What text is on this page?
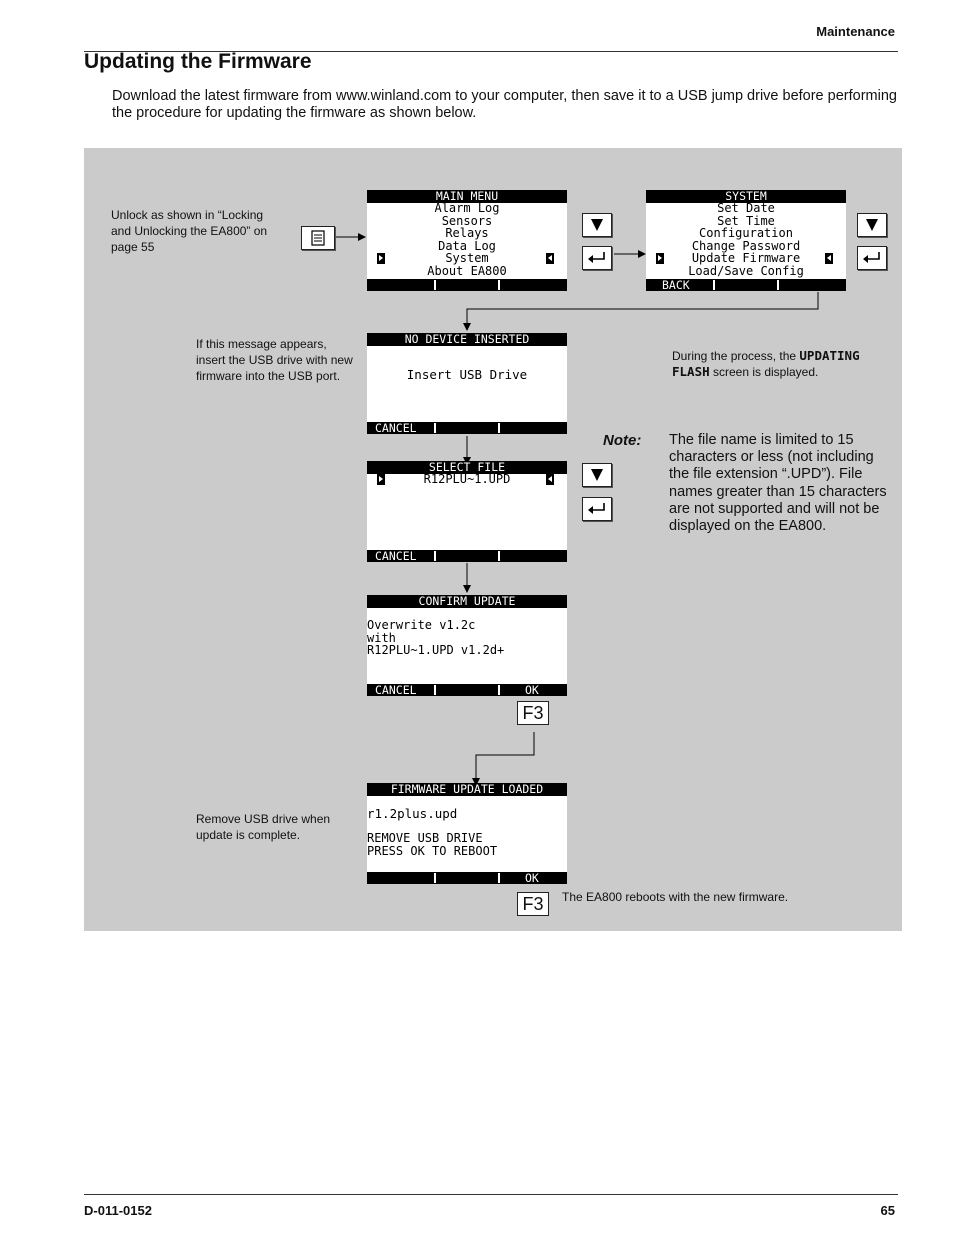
Maintenance
Updating the Firmware
Download the latest firmware from www.winland.com to your computer, then save it to a USB jump drive before performing the procedure for updating the firmware as shown below.
Unlock as shown in “Locking and Unlocking the EA800” on page 55
If this message appears, insert the USB drive with new firmware into the USB port.
Remove USB drive when update is complete.
During the process, the UPDATING FLASH screen is displayed.
The EA800 reboots with the new firmware.
MAIN MENU
Alarm Log
Sensors
Relays
Data Log
System
About EA800
SYSTEM
Set Date
Set Time
Configuration
Change Password
Update Firmware
Load/Save Config
BACK
NO DEVICE INSERTED
Insert USB Drive
CANCEL
SELECT FILE
R12PLU~1.UPD
CANCEL
Note: The file name is limited to 15 characters or less (not including the file extension “.UPD”). File names greater than 15 characters are not supported and will not be displayed on the EA800.
CONFIRM UPDATE
Overwrite v1.2c
with
R12PLU~1.UPD v1.2d+
CANCEL	OK
F3
FIRMWARE UPDATE LOADED
r1.2plus.upd
REMOVE USB DRIVE
PRESS OK TO REBOOT
OK
F3
D-011-0152	65
